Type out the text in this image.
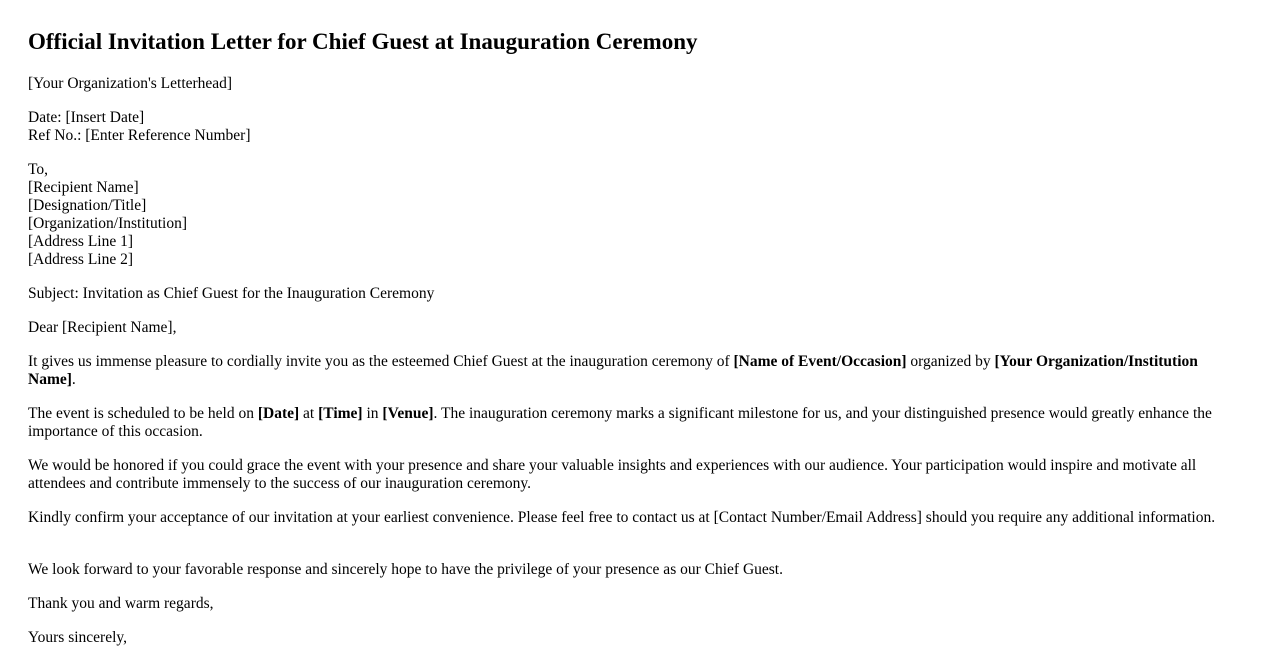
Official Invitation Letter for Chief Guest at Inauguration Ceremony

[Your Organization's Letterhead]

Date: [Insert Date]
Ref No.: [Enter Reference Number]
To,
[Recipient Name]
[Designation/Title]
[Organization/Institution]
[Address Line 1]
[Address Line 2]

Subject: Invitation as Chief Guest for the Inauguration Ceremony

Dear [Recipient Name],

It gives us immense pleasure to cordially invite you as the esteemed Chief Guest at the inauguration ceremony of [Name of Event/Occasion] organized by [Your Organization/Institution Name].

The event is scheduled to be held on [Date] at [Time] in [Venue]. The inauguration ceremony marks a significant milestone for us, and your distinguished presence would greatly enhance the importance of this occasion.

We would be honored if you could grace the event with your presence and share your valuable insights and experiences with our audience. Your participation would inspire and motivate all attendees and contribute immensely to the success of our inauguration ceremony.

Kindly confirm your acceptance of our invitation at your earliest convenience. Please feel free to contact us at [Contact Number/Email Address] should you require any additional information.

We look forward to your favorable response and sincerely hope to have the privilege of your presence as our Chief Guest.

Thank you and warm regards,

Yours sincerely,
